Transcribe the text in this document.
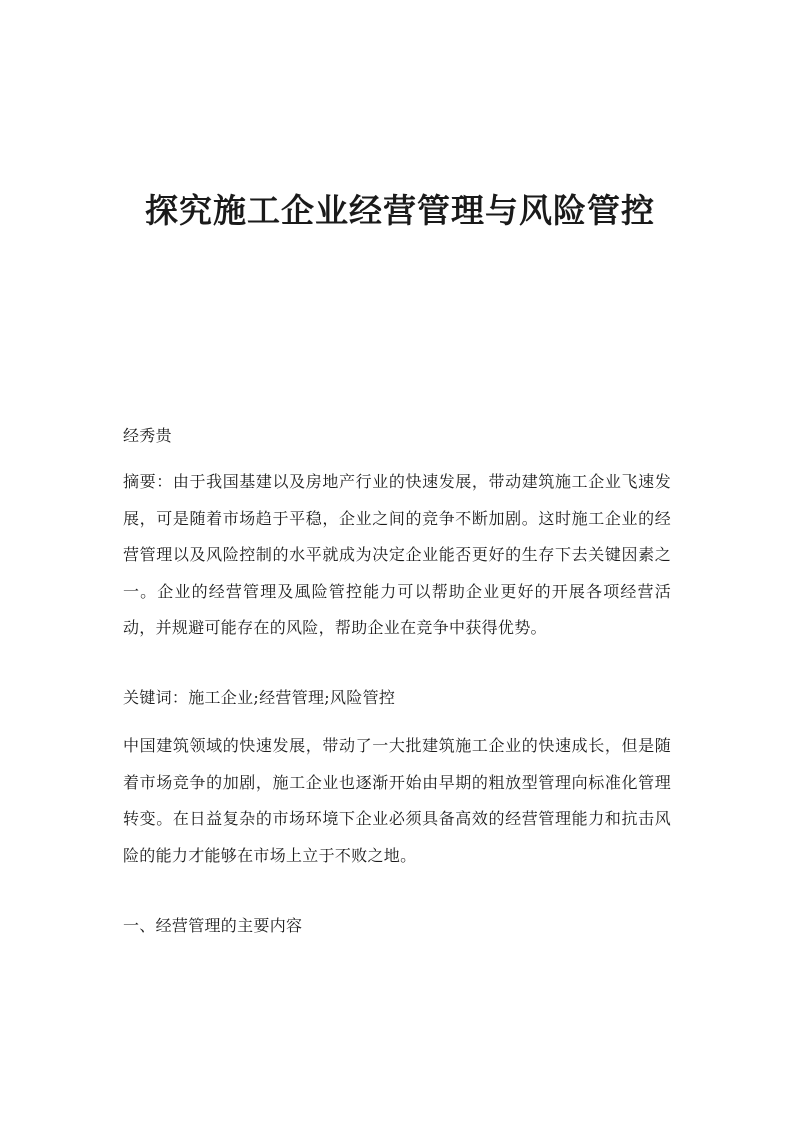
探究施工企业经营管理与风险管控

经秀贵

摘要：由于我国基建以及房地产行业的快速发展，带动建筑施工企业飞速发展，可是随着市场趋于平稳，企业之间的竞争不断加剧。这时施工企业的经营管理以及风险控制的水平就成为决定企业能否更好的生存下去关键因素之一。企业的经营管理及風险管控能力可以帮助企业更好的开展各项经营活动，并规避可能存在的风险，帮助企业在竞争中获得优势。

关键词：施工企业;经营管理;风险管控

中国建筑领域的快速发展，带动了一大批建筑施工企业的快速成长，但是随着市场竞争的加剧，施工企业也逐渐开始由早期的粗放型管理向标准化管理转变。在日益复杂的市场环境下企业必须具备高效的经营管理能力和抗击风险的能力才能够在市场上立于不败之地。

一、经营管理的主要内容
